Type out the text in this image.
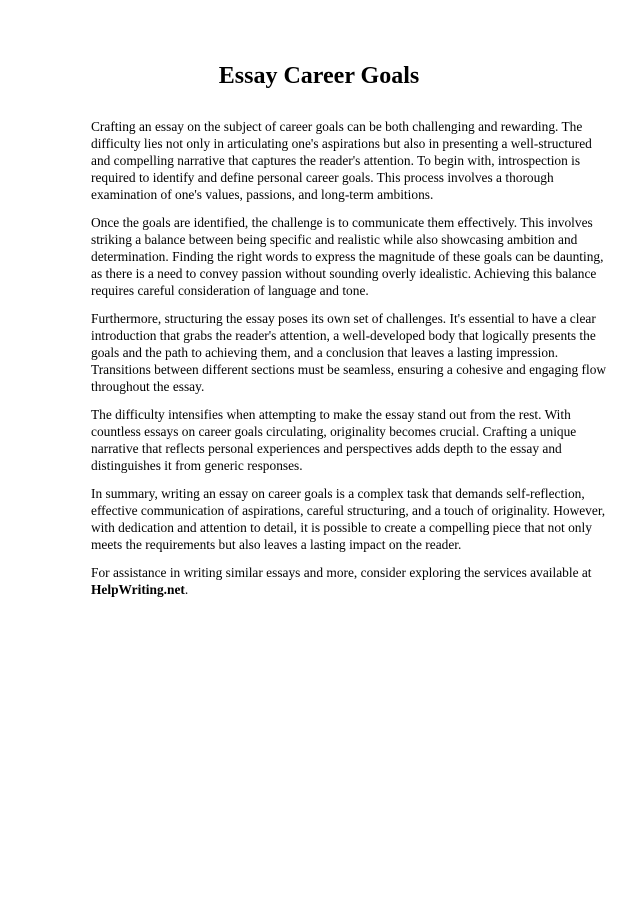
Essay Career Goals

Crafting an essay on the subject of career goals can be both challenging and rewarding. The
difficulty lies not only in articulating one's aspirations but also in presenting a well-structured
and compelling narrative that captures the reader's attention. To begin with, introspection is
required to identify and define personal career goals. This process involves a thorough
examination of one's values, passions, and long-term ambitions.

Once the goals are identified, the challenge is to communicate them effectively. This involves
striking a balance between being specific and realistic while also showcasing ambition and
determination. Finding the right words to express the magnitude of these goals can be daunting,
as there is a need to convey passion without sounding overly idealistic. Achieving this balance
requires careful consideration of language and tone.

Furthermore, structuring the essay poses its own set of challenges. It's essential to have a clear
introduction that grabs the reader's attention, a well-developed body that logically presents the
goals and the path to achieving them, and a conclusion that leaves a lasting impression.
Transitions between different sections must be seamless, ensuring a cohesive and engaging flow
throughout the essay.

The difficulty intensifies when attempting to make the essay stand out from the rest. With
countless essays on career goals circulating, originality becomes crucial. Crafting a unique
narrative that reflects personal experiences and perspectives adds depth to the essay and
distinguishes it from generic responses.

In summary, writing an essay on career goals is a complex task that demands self-reflection,
effective communication of aspirations, careful structuring, and a touch of originality. However,
with dedication and attention to detail, it is possible to create a compelling piece that not only
meets the requirements but also leaves a lasting impact on the reader.

For assistance in writing similar essays and more, consider exploring the services available at
HelpWriting.net.
